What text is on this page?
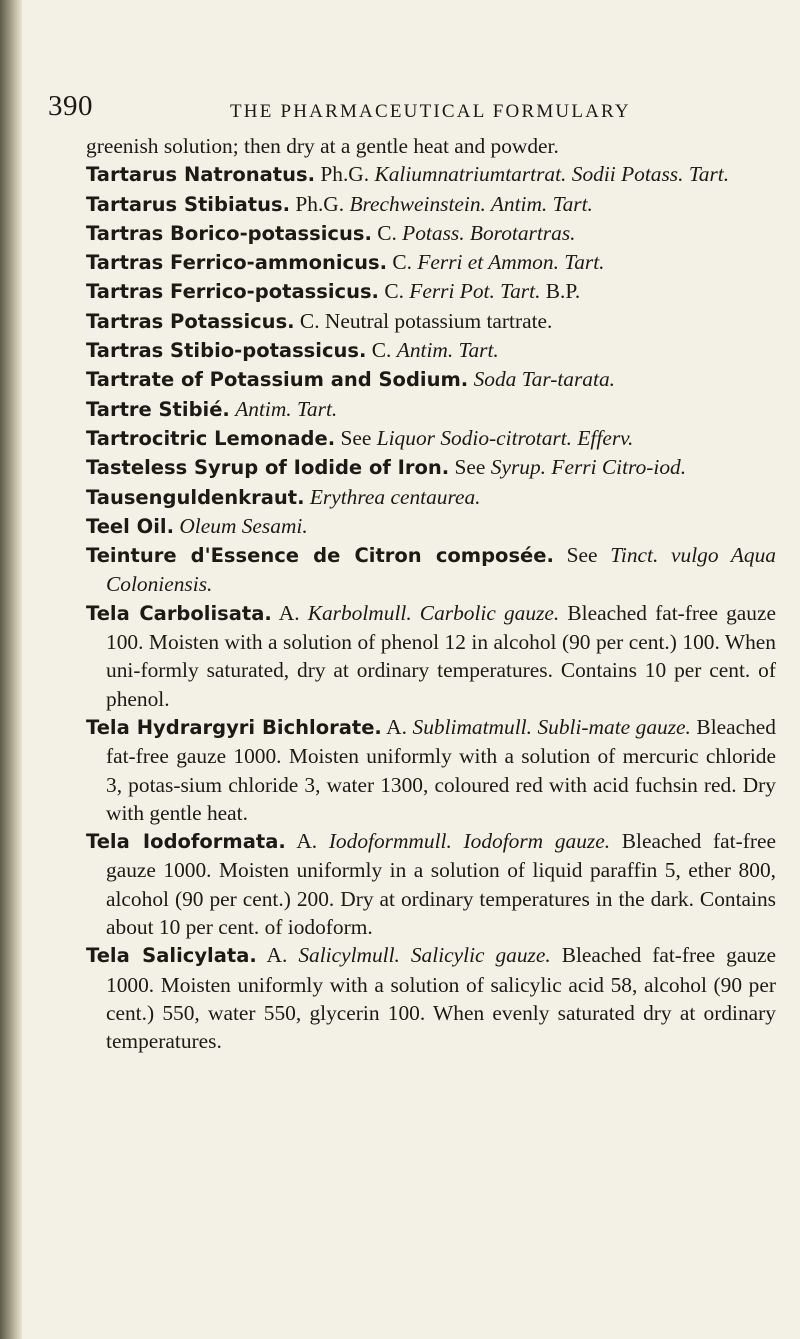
390	THE PHARMACEUTICAL FORMULARY
greenish solution; then dry at a gentle heat and powder.
Tartarus Natronatus. Ph.G. Kaliumnatriumtartrat. Sodii Potass. Tart.
Tartarus Stibiatus. Ph.G. Brechweinstein. Antim. Tart.
Tartras Borico-potassicus. C. Potass. Borotartras.
Tartras Ferrico-ammonicus. C. Ferri et Ammon. Tart.
Tartras Ferrico-potassicus. C. Ferri Pot. Tart. B.P.
Tartras Potassicus. C. Neutral potassium tartrate.
Tartras Stibio-potassicus. C. Antim. Tart.
Tartrate of Potassium and Sodium. Soda Tar-tarata.
Tartre Stibié. Antim. Tart.
Tartrocitric Lemonade. See Liquor Sodio-citrotart. Efferv.
Tasteless Syrup of Iodide of Iron. See Syrup. Ferri Citro-iod.
Tausenguldenkraut. Erythrea centaurea.
Teel Oil. Oleum Sesami.
Teinture d'Essence de Citron composée. See Tinct. vulgo Aqua Coloniensis.
Tela Carbolisata. A. Karbolmull. Carbolic gauze. Bleached fat-free gauze 100. Moisten with a solution of phenol 12 in alcohol (90 per cent.) 100. When uni-formly saturated, dry at ordinary temperatures. Contains 10 per cent. of phenol.
Tela Hydrargyri Bichlorate. A. Sublimatmull. Subli-mate gauze. Bleached fat-free gauze 1000. Moisten uniformly with a solution of mercuric chloride 3, potas-sium chloride 3, water 1300, coloured red with acid fuchsin red. Dry with gentle heat.
Tela Iodoformata. A. Iodoformmull. Iodoform gauze. Bleached fat-free gauze 1000. Moisten uniformly in a solution of liquid paraffin 5, ether 800, alcohol (90 per cent.) 200. Dry at ordinary temperatures in the dark. Contains about 10 per cent. of iodoform.
Tela Salicylata. A. Salicylmull. Salicylic gauze. Bleached fat-free gauze 1000. Moisten uniformly with a solution of salicylic acid 58, alcohol (90 per cent.) 550, water 550, glycerin 100. When evenly saturated dry at ordinary temperatures.
